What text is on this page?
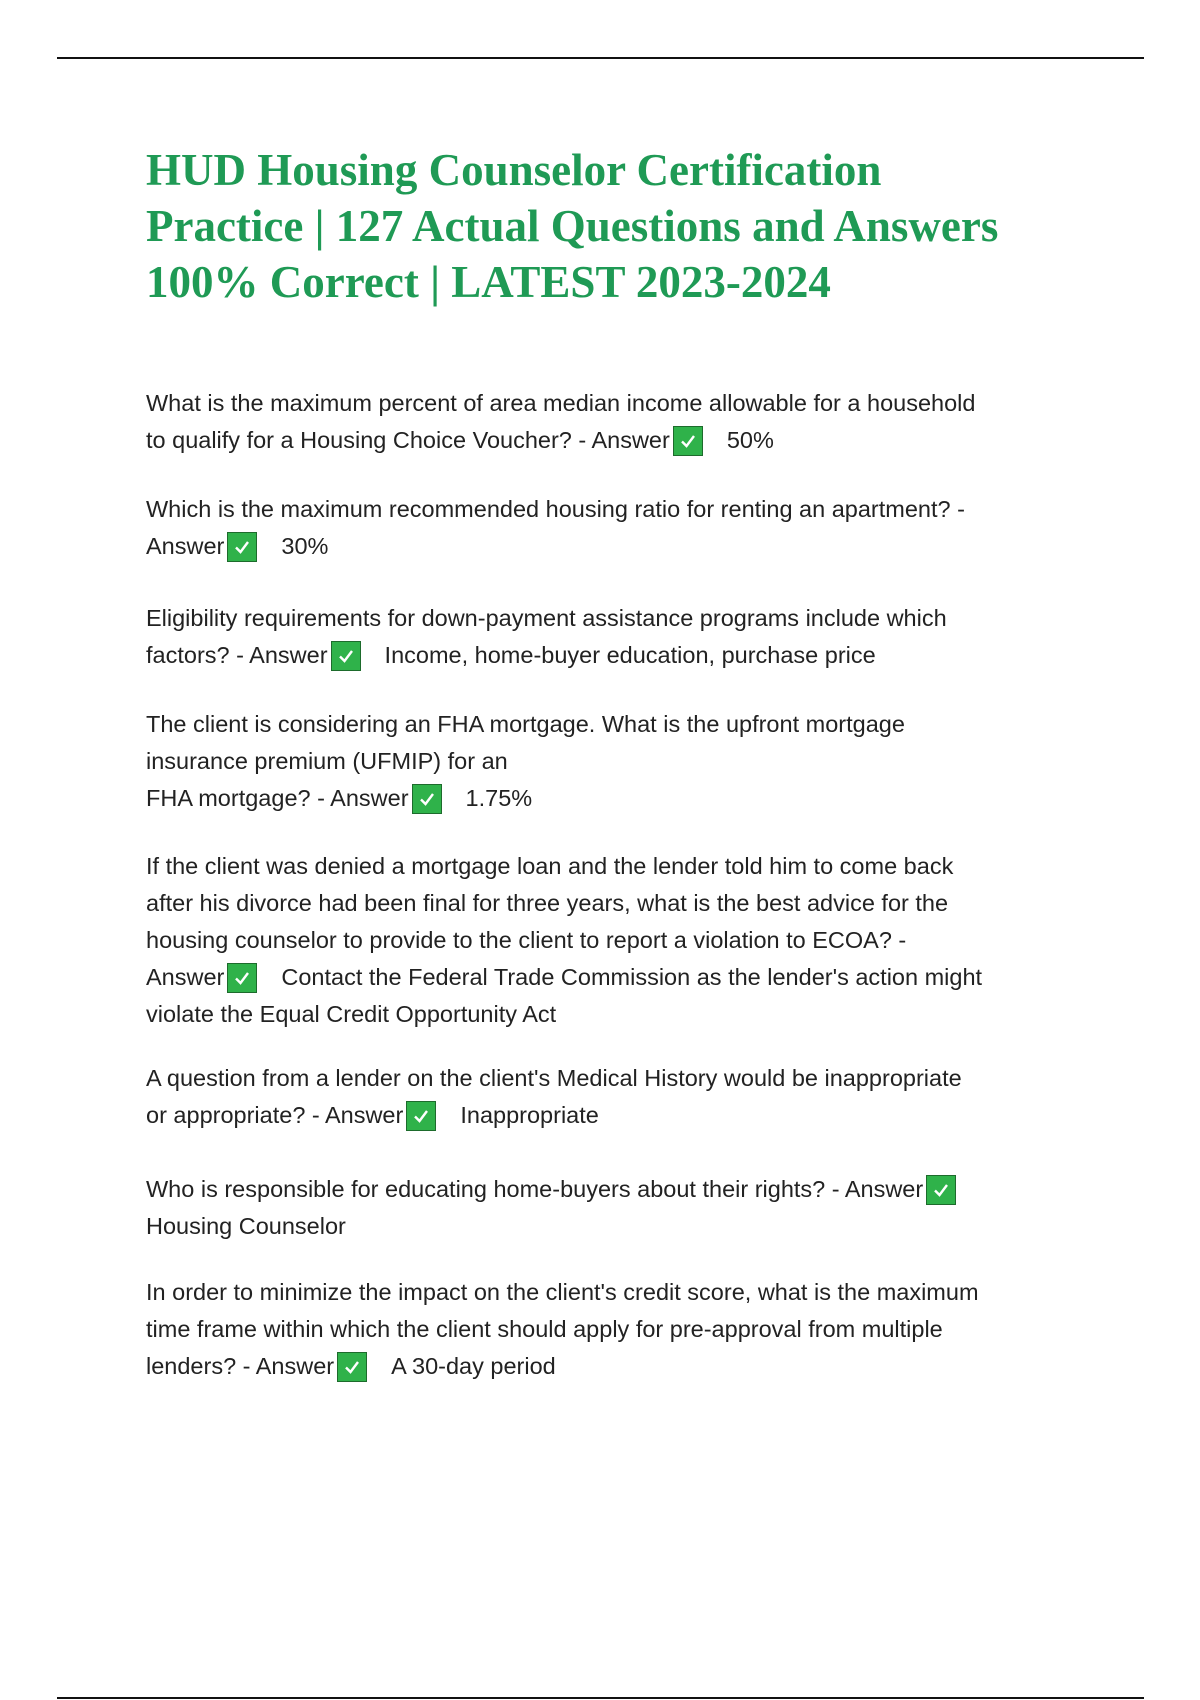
HUD Housing Counselor Certification
Practice | 127 Actual Questions and Answers
100% Correct | LATEST 2023-2024
What is the maximum percent of area median income allowable for a household
to qualify for a Housing Choice Voucher? - Answer 50%
Which is the maximum recommended housing ratio for renting an apartment? -
Answer 30%
Eligibility requirements for down-payment assistance programs include which
factors? - Answer Income, home-buyer education, purchase price
The client is considering an FHA mortgage. What is the upfront mortgage
insurance premium (UFMIP) for an
FHA mortgage? - Answer 1.75%
If the client was denied a mortgage loan and the lender told him to come back
after his divorce had been final for three years, what is the best advice for the
housing counselor to provide to the client to report a violation to ECOA? -
Answer Contact the Federal Trade Commission as the lender's action might
violate the Equal Credit Opportunity Act
A question from a lender on the client's Medical History would be inappropriate
or appropriate? - Answer Inappropriate
Who is responsible for educating home-buyers about their rights? - Answer
Housing Counselor
In order to minimize the impact on the client's credit score, what is the maximum
time frame within which the client should apply for pre-approval from multiple
lenders? - Answer A 30-day period
